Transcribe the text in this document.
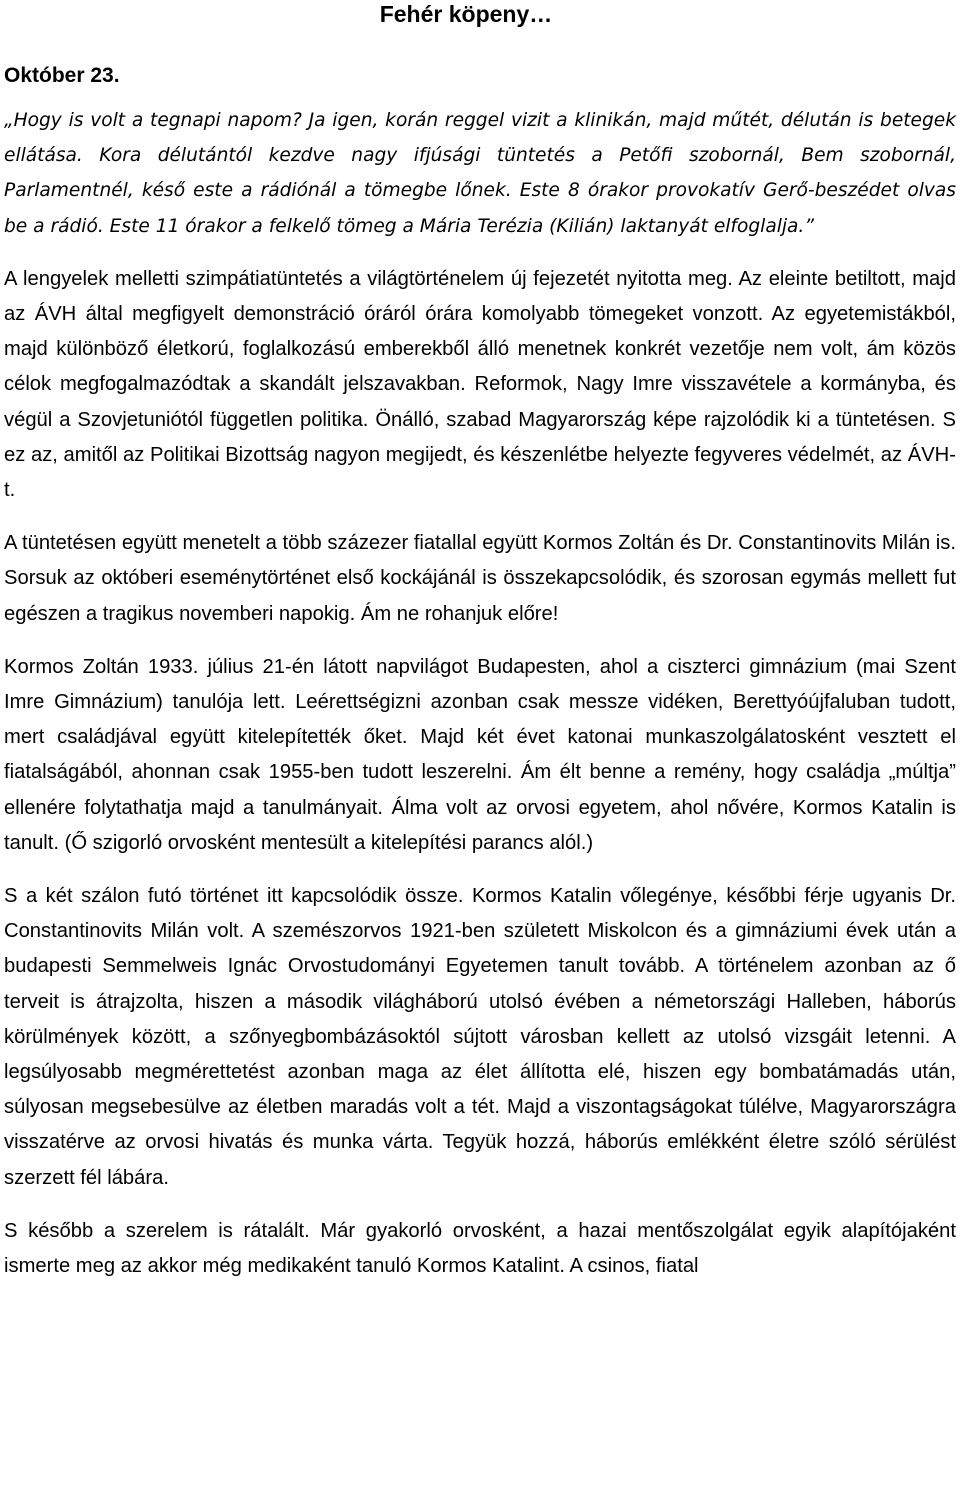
Fehér köpeny…

Október 23.

„Hogy is volt a tegnapi napom? Ja igen, korán reggel vizit a klinikán, majd műtét, délután is betegek ellátása. Kora délutántól kezdve nagy ifjúsági tüntetés a Petőfi szobornál, Bem szobornál, Parlamentnél, késő este a rádiónál a tömegbe lőnek. Este 8 órakor provokatív Gerő-beszédet olvas be a rádió. Este 11 órakor a felkelő tömeg a Mária Terézia (Kilián) laktanyát elfoglalja.”

A lengyelek melletti szimpátiatüntetés a világtörténelem új fejezetét nyitotta meg. Az eleinte betiltott, majd az ÁVH által megfigyelt demonstráció óráról órára komolyabb tömegeket vonzott. Az egyetemistákból, majd különböző életkorú, foglalkozású emberekből álló menetnek konkrét vezetője nem volt, ám közös célok megfogalmazódtak a skandált jelszavakban. Reformok, Nagy Imre visszavétele a kormányba, és végül a Szovjetuniótól független politika. Önálló, szabad Magyarország képe rajzolódik ki a tüntetésen. S ez az, amitől az Politikai Bizottság nagyon megijedt, és készenlétbe helyezte fegyveres védelmét, az ÁVH-t.

A tüntetésen együtt menetelt a több százezer fiatallal együtt Kormos Zoltán és Dr. Constantinovits Milán is. Sorsuk az októberi eseménytörténet első kockájánál is összekapcsolódik, és szorosan egymás mellett fut egészen a tragikus novemberi napokig. Ám ne rohanjuk előre!

Kormos Zoltán 1933. július 21-én látott napvilágot Budapesten, ahol a ciszterci gimnázium (mai Szent Imre Gimnázium) tanulója lett. Leérettségizni azonban csak messze vidéken, Berettyóújfaluban tudott, mert családjával együtt kitelepítették őket. Majd két évet katonai munkaszolgálatosként vesztett el fiatalságából, ahonnan csak 1955-ben tudott leszerelni. Ám élt benne a remény, hogy családja „múltja” ellenére folytathatja majd a tanulmányait. Álma volt az orvosi egyetem, ahol nővére, Kormos Katalin is tanult. (Ő szigorló orvosként mentesült a kitelepítési parancs alól.)

S a két szálon futó történet itt kapcsolódik össze. Kormos Katalin vőlegénye, későbbi férje ugyanis Dr. Constantinovits Milán volt. A szemészorvos 1921-ben született Miskolcon és a gimnáziumi évek után a budapesti Semmelweis Ignác Orvostudományi Egyetemen tanult tovább. A történelem azonban az ő terveit is átrajzolta, hiszen a második világháború utolsó évében a németországi Halleben, háborús körülmények között, a szőnyegbombázásoktól sújtott városban kellett az utolsó vizsgáit letenni. A legsúlyosabb megmérettetést azonban maga az élet állította elé, hiszen egy bombatámadás után, súlyosan megsebesülve az életben maradás volt a tét. Majd a viszontagságokat túlélve, Magyarországra visszatérve az orvosi hivatás és munka várta. Tegyük hozzá, háborús emlékként életre szóló sérülést szerzett fél lábára.

S később a szerelem is rátalált. Már gyakorló orvosként, a hazai mentőszolgálat egyik alapítójaként ismerte meg az akkor még medikaként tanuló Kormos Katalint. A csinos, fiatal
